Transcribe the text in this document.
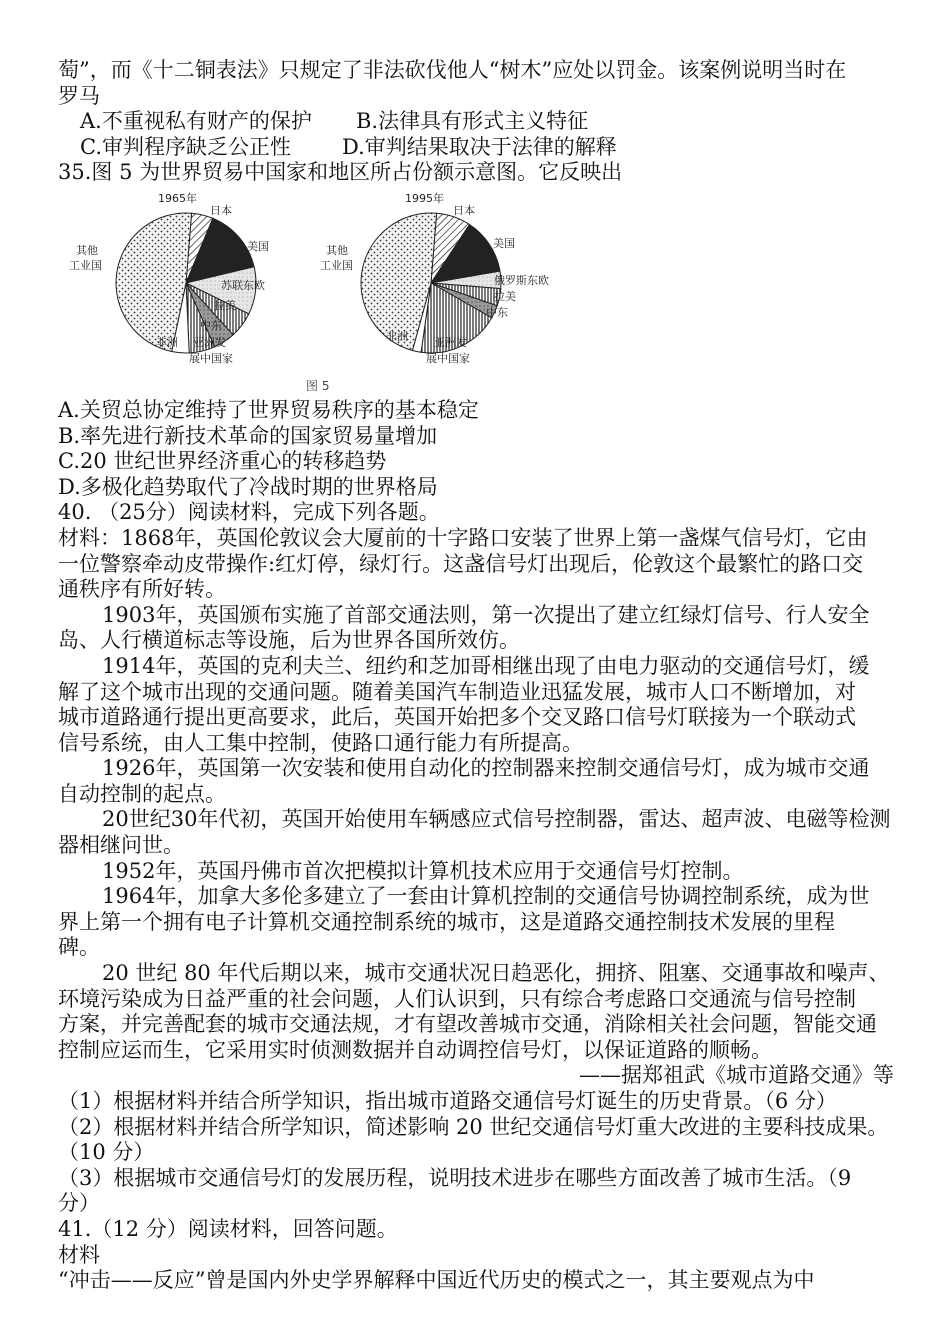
萄”，而《十二铜表法》只规定了非法砍伐他人“树木”应处以罚金。该案例说明当时在
罗马
A.不重视私有财产的保护	B.法律具有形式主义特征
C.审判程序缺乏公正性	D.审判结果取决于法律的解释
35.图 5 为世界贸易中国家和地区所占份额示意图。它反映出
1965年
日本
美国
其他
工业国
苏联东欧
拉美
中东
非洲 亚洲发
展中国家
1995年
日本
美国
其他
工业国
俄罗斯东欧
拉美
中东
非洲 亚洲发
展中国家
图 5
A.关贸总协定维持了世界贸易秩序的基本稳定
B.率先进行新技术革命的国家贸易量增加
C.20 世纪世界经济重心的转移趋势
D.多极化趋势取代了冷战时期的世界格局
40. （25分）阅读材料，完成下列各题。
材料：1868年，英国伦敦议会大厦前的十字路口安装了世界上第一盏煤气信号灯，它由
一位警察牵动皮带操作:红灯停，绿灯行。这盏信号灯出现后，伦敦这个最繁忙的路口交
通秩序有所好转。
1903年，英国颁布实施了首部交通法则，第一次提出了建立红绿灯信号、行人安全
岛、人行横道标志等设施，后为世界各国所效仿。
1914年，英国的克利夫兰、纽约和芝加哥相继出现了由电力驱动的交通信号灯，缓
解了这个城市出现的交通问题。随着美国汽车制造业迅猛发展，城市人口不断增加，对
城市道路通行提出更高要求，此后，英国开始把多个交叉路口信号灯联接为一个联动式
信号系统，由人工集中控制，使路口通行能力有所提高。
1926年，英国第一次安装和使用自动化的控制器来控制交通信号灯，成为城市交通
自动控制的起点。
20世纪30年代初，英国开始使用车辆感应式信号控制器，雷达、超声波、电磁等检测
器相继问世。
1952年，英国丹佛市首次把模拟计算机技术应用于交通信号灯控制。
1964年，加拿大多伦多建立了一套由计算机控制的交通信号协调控制系统，成为世
界上第一个拥有电子计算机交通控制系统的城市，这是道路交通控制技术发展的里程
碑。
20 世纪 80 年代后期以来，城市交通状况日趋恶化，拥挤、阻塞、交通事故和噪声、
环境污染成为日益严重的社会问题，人们认识到，只有综合考虑路口交通流与信号控制
方案，并完善配套的城市交通法规，才有望改善城市交通，消除相关社会问题，智能交通
控制应运而生，它采用实时侦测数据并自动调控信号灯，以保证道路的顺畅。
——据郑祖武《城市道路交通》等
（1）根据材料并结合所学知识，指出城市道路交通信号灯诞生的历史背景。（6 分）
（2）根据材料并结合所学知识，简述影响 20 世纪交通信号灯重大改进的主要科技成果。
（10 分）
（3）根据城市交通信号灯的发展历程，说明技术进步在哪些方面改善了城市生活。（9
分）
41.（12 分）阅读材料，回答问题。
材料
“冲击——反应”曾是国内外史学界解释中国近代历史的模式之一，其主要观点为中
